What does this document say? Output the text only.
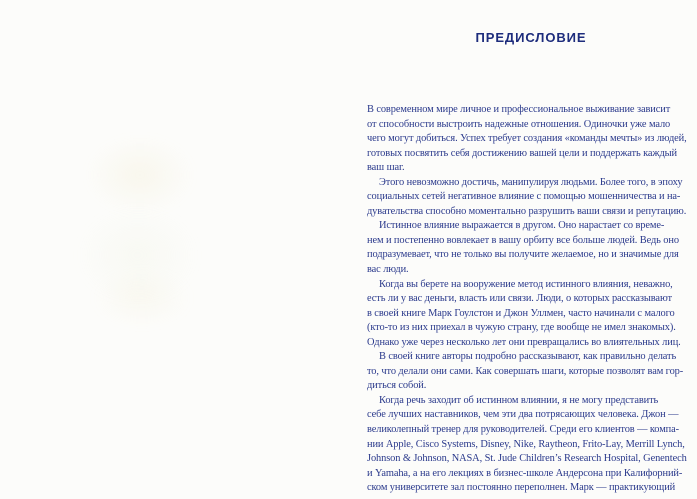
ПРЕДИСЛОВИЕ

В современном мире личное и профессиональное выживание зависит
от способности выстроить надежные отношения. Одиночки уже мало
чего могут добиться. Успех требует создания «команды мечты» из людей,
готовых посвятить себя достижению вашей цели и поддержать каждый
ваш шаг.

Этого невозможно достичь, манипулируя людьми. Более того, в эпоху
социальных сетей негативное влияние с помощью мошенничества и на-
дувательства способно моментально разрушить ваши связи и репутацию.

Истинное влияние выражается в другом. Оно нарастает со време-
нем и постепенно вовлекает в вашу орбиту все больше людей. Ведь оно
подразумевает, что не только вы получите желаемое, но и значимые для
вас люди.

Когда вы берете на вооружение метод истинного влияния, неважно,
есть ли у вас деньги, власть или связи. Люди, о которых рассказывают
в своей книге Марк Гоулстон и Джон Уллмен, часто начинали с малого
(кто-то из них приехал в чужую страну, где вообще не имел знакомых).
Однако уже через несколько лет они превращались во влиятельных лиц.

В своей книге авторы подробно рассказывают, как правильно делать
то, что делали они сами. Как совершать шаги, которые позволят вам гор-
диться собой.

Когда речь заходит об истинном влиянии, я не могу представить
себе лучших наставников, чем эти два потрясающих человека. Джон —
великолепный тренер для руководителей. Среди его клиентов — компа-
нии Apple, Cisco Systems, Disney, Nike, Raytheon, Frito-Lay, Merrill Lynch,
Johnson & Johnson, NASA, St. Jude Children’s Research Hospital, Genentech
и Yamaha, а на его лекциях в бизнес-школе Андерсона при Калифорний-
ском университете зал постоянно переполнен. Марк — практикующий
